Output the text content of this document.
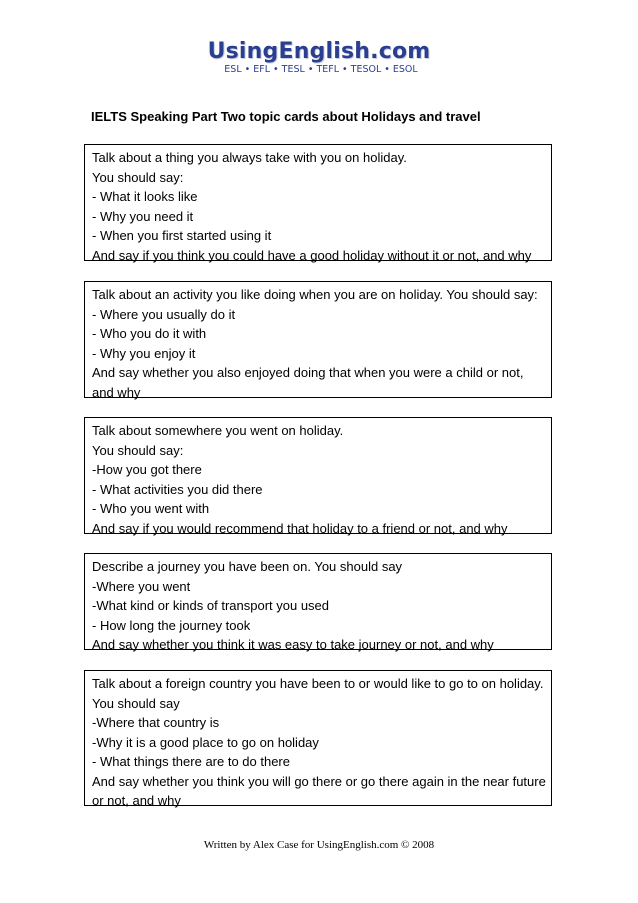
UsingEnglish.com
ESL • EFL • TESL • TEFL • TESOL • ESOL
IELTS Speaking Part Two topic cards about Holidays and travel
Talk about a thing you always take with you on holiday.
You should say:
- What it looks like
- Why you need it
- When you first started using it
And say if you think you could have a good holiday without it or not, and why
Talk about an activity you like doing when you are on holiday. You should say:
- Where you usually do it
- Who you do it with
- Why you enjoy it
And say whether you also enjoyed doing that when you were a child or not, and why
Talk about somewhere you went on holiday.
You should say:
-How you got there
- What activities you did there
- Who you went with
And say if you would recommend that holiday to a friend or not, and why
Describe a journey you have been on. You should say
-Where you went
-What kind or kinds of transport you used
- How long the journey took
And say whether you think it was easy to take journey or not, and why
Talk about a foreign country you have been to or would like to go to on holiday.
You should say
-Where that country is
-Why it is a good place to go on holiday
- What things there are to do there
And say whether you think you will go there or go there again in the near future or not, and why
Written by Alex Case for UsingEnglish.com © 2008
